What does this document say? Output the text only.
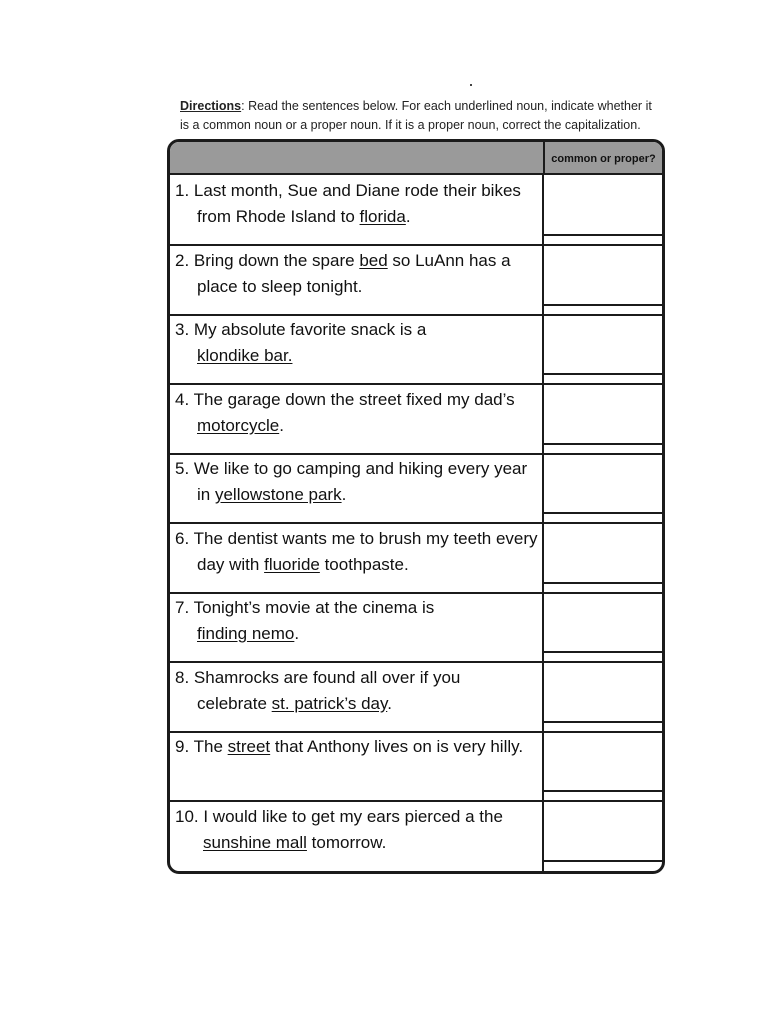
Directions: Read the sentences below. For each underlined noun, indicate whether it is a common noun or a proper noun. If it is a proper noun, correct the capitalization.
common or proper?
1. Last month, Sue and Diane rode their bikes
from Rhode Island to florida.
2. Bring down the spare bed so LuAnn has a
place to sleep tonight.
3. My absolute favorite snack is a
klondike bar.
4. The garage down the street fixed my dad’s
motorcycle.
5. We like to go camping and hiking every year
in yellowstone park.
6. The dentist wants me to brush my teeth every
day with fluoride toothpaste.
7. Tonight’s movie at the cinema is
finding nemo.
8. Shamrocks are found all over if you
celebrate st. patrick’s day.
9. The street that Anthony lives on is very hilly.

10. I would like to get my ears pierced a the
sunshine mall tomorrow.
